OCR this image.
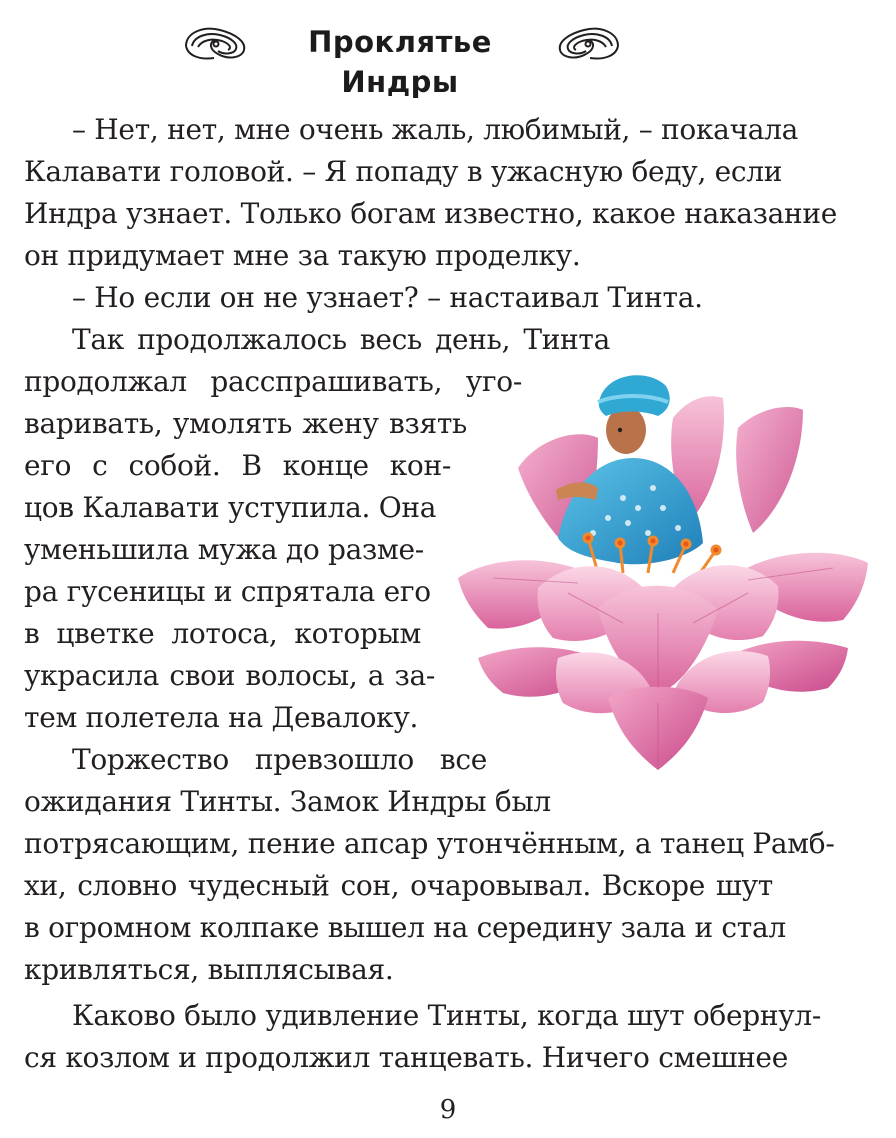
Проклятье Индры
– Нет, нет, мне очень жаль, любимый, – покачала
Калавати головой. – Я попаду в ужасную беду, если
Индра узнает. Только богам известно, какое наказание
он придумает мне за такую проделку.
– Но если он не узнает? – настаивал Тинта.
Так продолжалось весь день, Тинта
продолжал расспрашивать, уго-
варивать, умолять жену взять
его с собой. В конце кон-
цов Калавати уступила. Она
уменьшила мужа до разме-
ра гусеницы и спрятала его
в цветке лотоса, которым
украсила свои волосы, а за-
тем полетела на Девалоку.
Торжество превзошло все
ожидания Тинты. Замок Индры был
потрясающим, пение апсар утончённым, а танец Рамб-
хи, словно чудесный сон, очаровывал. Вскоре шут
в огромном колпаке вышел на середину зала и стал
кривляться, выплясывая.
Каково было удивление Тинты, когда шут обернул-
ся козлом и продолжил танцевать. Ничего смешнее
9
